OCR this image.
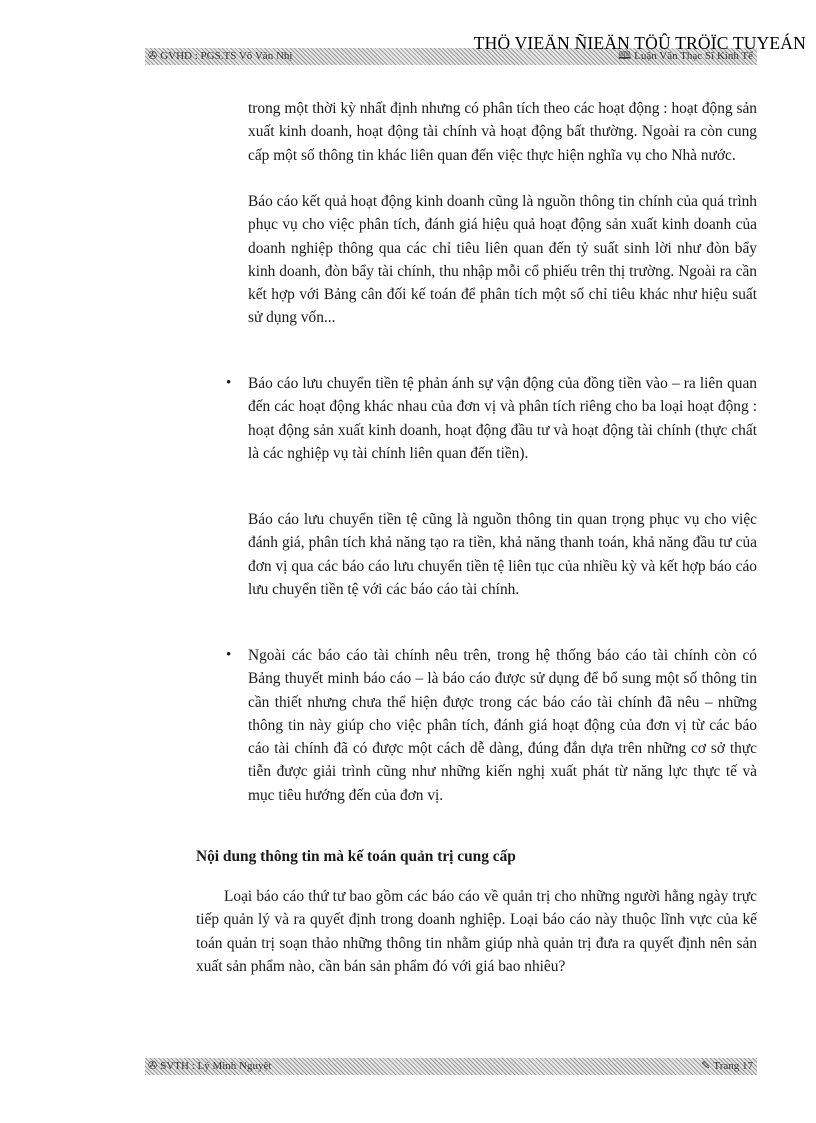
THÖ VIEÄN ÑIEÄN TÖÛ TRÖÏC TUYEÁN
✇ GVHD : PGS.TS Võ Văn Nhị	🕮 Luận Văn Thạc Sĩ Kinh Tế

trong một thời kỳ nhất định nhưng có phân tích theo các hoạt động : hoạt động sản xuất kinh doanh, hoạt động tài chính và hoạt động bất thường. Ngoài ra còn cung cấp một số thông tin khác liên quan đến việc thực hiện nghĩa vụ cho Nhà nước.

Báo cáo kết quả hoạt động kinh doanh cũng là nguồn thông tin chính của quá trình phục vụ cho việc phân tích, đánh giá hiệu quả hoạt động sản xuất kinh doanh của doanh nghiệp thông qua các chỉ tiêu liên quan đến tỷ suất sinh lời như đòn bẩy kinh doanh, đòn bẩy tài chính, thu nhập mỗi cổ phiếu trên thị trường. Ngoài ra cần kết hợp với Bảng cân đối kế toán để phân tích một số chỉ tiêu khác như hiệu suất sử dụng vốn...

• Báo cáo lưu chuyển tiền tệ phản ánh sự vận động của đồng tiền vào – ra liên quan đến các hoạt động khác nhau của đơn vị và phân tích riêng cho ba loại hoạt động : hoạt động sản xuất kinh doanh, hoạt động đầu tư và hoạt động tài chính (thực chất là các nghiệp vụ tài chính liên quan đến tiền).

Báo cáo lưu chuyển tiền tệ cũng là nguồn thông tin quan trọng phục vụ cho việc đánh giá, phân tích khả năng tạo ra tiền, khả năng thanh toán, khả năng đầu tư của đơn vị qua các báo cáo lưu chuyển tiền tệ liên tục của nhiều kỳ và kết hợp báo cáo lưu chuyển tiền tệ với các báo cáo tài chính.

• Ngoài các báo cáo tài chính nêu trên, trong hệ thống báo cáo tài chính còn có Bảng thuyết minh báo cáo – là báo cáo được sử dụng để bổ sung một số thông tin cần thiết nhưng chưa thể hiện được trong các báo cáo tài chính đã nêu – những thông tin này giúp cho việc phân tích, đánh giá hoạt động của đơn vị từ các báo cáo tài chính đã có được một cách dễ dàng, đúng đắn dựa trên những cơ sở thực tiễn được giải trình cũng như những kiến nghị xuất phát từ năng lực thực tế và mục tiêu hướng đến của đơn vị.

Nội dung thông tin mà kế toán quản trị cung cấp

Loại báo cáo thứ tư bao gồm các báo cáo về quản trị cho những người hằng ngày trực tiếp quản lý và ra quyết định trong doanh nghiệp. Loại báo cáo này thuộc lĩnh vực của kế toán quản trị soạn thảo những thông tin nhằm giúp nhà quản trị đưa ra quyết định nên sản xuất sản phẩm nào, cần bán sản phẩm đó với giá bao nhiêu?

✇ SVTH : Lý Minh Nguyệt	✎ Trang 17
